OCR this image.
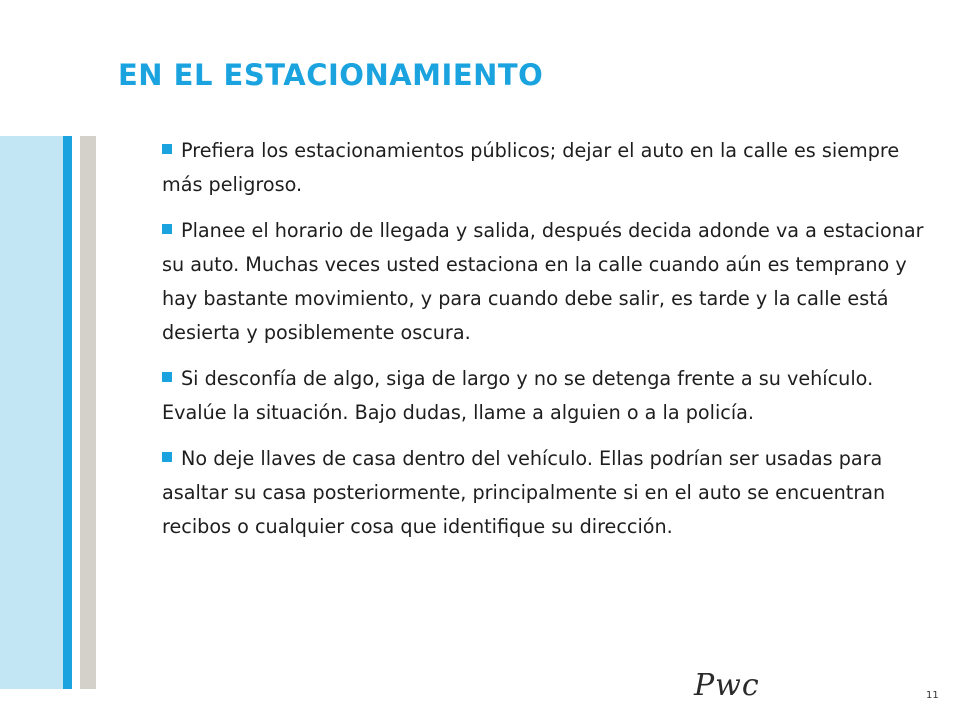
EN EL ESTACIONAMIENTO
Prefiera los estacionamientos públicos; dejar el auto en la calle es siempre más peligroso.
Planee el horario de llegada y salida, después decida adonde va a estacionar su auto. Muchas veces usted estaciona en la calle cuando aún es temprano y hay bastante movimiento, y para cuando debe salir, es tarde y la calle está desierta y posiblemente oscura.
Si desconfía de algo, siga de largo y no se detenga frente a su vehículo. Evalúe la situación. Bajo dudas, llame a alguien o a la policía.
No deje llaves de casa dentro del vehículo. Ellas podrían ser usadas para asaltar su casa posteriormente, principalmente si en el auto se encuentran recibos o cualquier cosa que identifique su dirección.
Pwc	11
